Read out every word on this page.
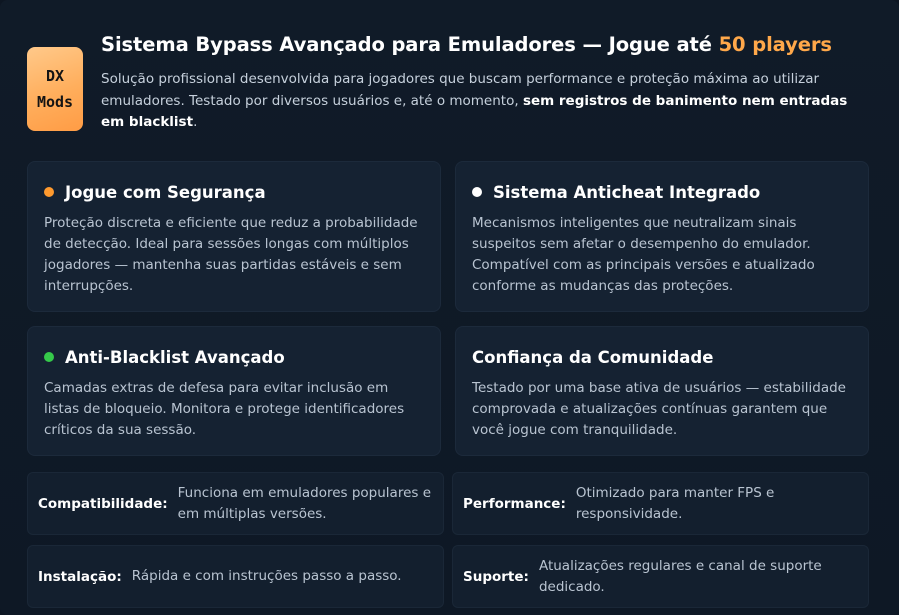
DX
Mods
Sistema Bypass Avançado para Emuladores — Jogue até 50 players

Solução profissional desenvolvida para jogadores que buscam performance e proteção máxima ao utilizar emuladores. Testado por diversos usuários e, até o momento, sem registros de banimento nem entradas em blacklist.

Jogue com Segurança
Proteção discreta e eficiente que reduz a probabilidade de detecção. Ideal para sessões longas com múltiplos jogadores — mantenha suas partidas estáveis e sem interrupções.
Sistema Anticheat Integrado
Mecanismos inteligentes que neutralizam sinais suspeitos sem afetar o desempenho do emulador. Compatível com as principais versões e atualizado conforme as mudanças das proteções.
Anti-Blacklist Avançado
Camadas extras de defesa para evitar inclusão em listas de bloqueio. Monitora e protege identificadores críticos da sua sessão.
Confiança da Comunidade
Testado por uma base ativa de usuários — estabilidade comprovada e atualizações contínuas garantem que você jogue com tranquilidade.
Compatibilidade:
Funciona em emuladores populares e em múltiplas versões.
Performance:
Otimizado para manter FPS e responsividade.
Instalação: Rápida e com instruções passo a passo.	Suporte:
Atualizações regulares e canal de suporte dedicado.
